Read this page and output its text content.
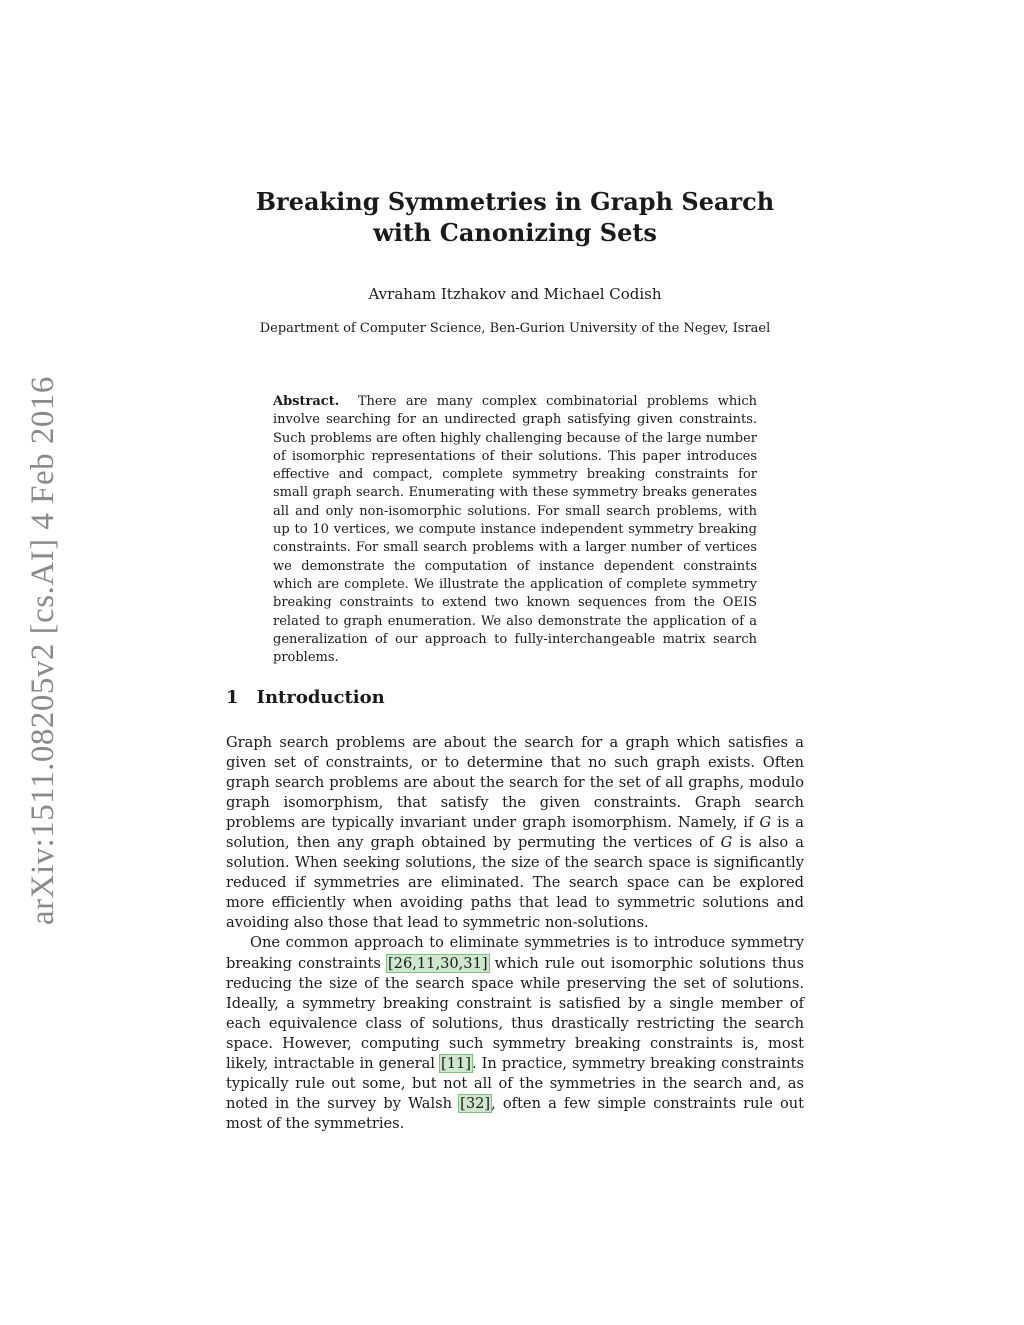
arXiv:1511.08205v2 [cs.AI] 4 Feb 2016
Breaking Symmetries in Graph Search
with Canonizing Sets
Avraham Itzhakov and Michael Codish
Department of Computer Science, Ben-Gurion University of the Negev, Israel
Abstract. There are many complex combinatorial problems which involve searching for an undirected graph satisfying given constraints. Such problems are often highly challenging because of the large number of isomorphic representations of their solutions. This paper introduces effective and compact, complete symmetry breaking constraints for small graph search. Enumerating with these symmetry breaks generates all and only non-isomorphic solutions. For small search problems, with up to 10 vertices, we compute instance independent symmetry breaking constraints. For small search problems with a larger number of vertices we demonstrate the computation of instance dependent constraints which are complete. We illustrate the application of complete symmetry breaking constraints to extend two known sequences from the OEIS related to graph enumeration. We also demonstrate the application of a generalization of our approach to fully-interchangeable matrix search problems.
1 Introduction

Graph search problems are about the search for a graph which satisfies a given set of constraints, or to determine that no such graph exists. Often graph search problems are about the search for the set of all graphs, modulo graph isomorphism, that satisfy the given constraints. Graph search problems are typically invariant under graph isomorphism. Namely, if G is a solution, then any graph obtained by permuting the vertices of G is also a solution. When seeking solutions, the size of the search space is significantly reduced if symmetries are eliminated. The search space can be explored more efficiently when avoiding paths that lead to symmetric solutions and avoiding also those that lead to symmetric non-solutions.

One common approach to eliminate symmetries is to introduce symmetry breaking constraints [26,11,30,31] which rule out isomorphic solutions thus reducing the size of the search space while preserving the set of solutions. Ideally, a symmetry breaking constraint is satisfied by a single member of each equivalence class of solutions, thus drastically restricting the search space. However, computing such symmetry breaking constraints is, most likely, intractable in general [11]. In practice, symmetry breaking constraints typically rule out some, but not all of the symmetries in the search and, as noted in the survey by Walsh [32], often a few simple constraints rule out most of the symmetries.
